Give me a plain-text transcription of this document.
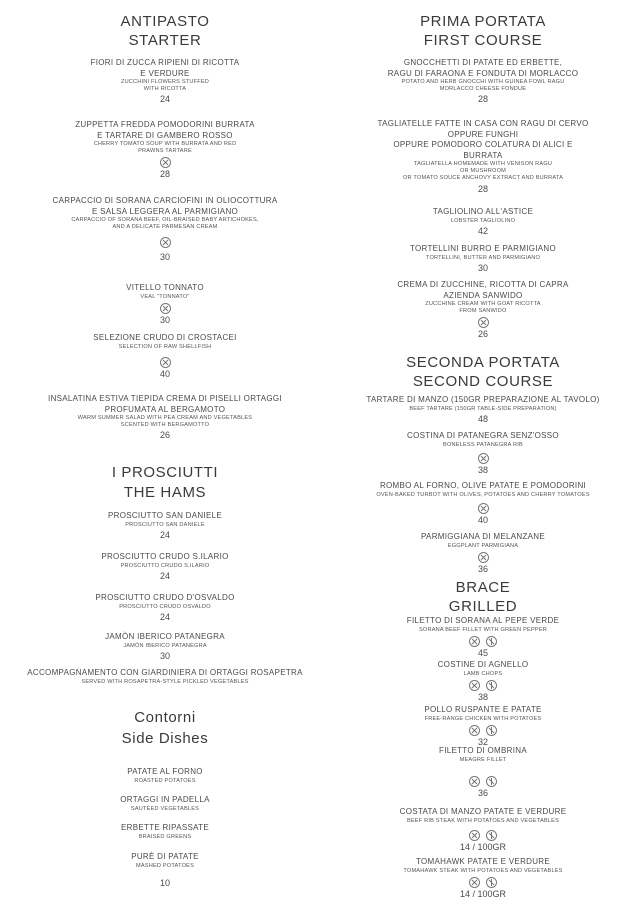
ANTIPASTO
STARTER
FIORI DI ZUCCA RIPIENI DI RICOTTA
E VERDURE
ZUCCHINI FLOWERS STUFFED
WITH RICOTTA
24
ZUPPETTA FREDDA POMODORINI BURRATA
E TARTARE DI GAMBERO ROSSO
CHERRY TOMATO SOUP WITH BURRATA AND RED
PRAWNS TARTARE
28
CARPACCIO DI SORANA CARCIOFINI IN OLIOCOTTURA
E SALSA LEGGERA AL PARMIGIANO
CARPACCIO OF SORANA BEEF, OIL-BRAISED BABY ARTICHOKES,
AND A DELICATE PARMESAN CREAM
30
VITELLO TONNATO
VEAL "TONNATO"
30
SELEZIONE CRUDO DI CROSTACEI
SELECTION OF RAW SHELLFISH
40
INSALATINA ESTIVA TIEPIDA CREMA DI PISELLI ORTAGGI
PROFUMATA AL BERGAMOTO
WARM SUMMER SALAD WITH PEA CREAM AND VEGETABLES
SCENTED WITH BERGAMOTTO
26
I PROSCIUTTI
THE HAMS
PROSCIUTTO SAN DANIELE
PROSCIUTTO SAN DANIELE
24
PROSCIUTTO CRUDO S.ILARIO
PROSCIUTTO CRUDO S.ILARIO
24
PROSCIUTTO CRUDO D'OSVALDO
PROSCIUTTO CRUDO OSVALDO
24
JAMÒN IBERICO PATANEGRA
JAMÒN IBERICO PATANEGRA
30
ACCOMPAGNAMENTO CON GIARDINIERA DI ORTAGGI ROSAPETRA
SERVED WITH ROSAPETRA-STYLE PICKLED VEGETABLES
Contorni
Side Dishes
PATATE AL FORNO
ROASTED POTATOES
ORTAGGI IN PADELLA
SAUTÉED VEGETABLES
ERBETTE RIPASSATE
BRAISED GREENS
PURÈ DI PATATE
MASHED POTATOES
10
PRIMA PORTATA
FIRST COURSE
GNOCCHETTI DI PATATE ED ERBETTE,
RAGU DI FARAONA E FONDUTA DI MORLACCO
POTATO AND HERB GNOCCHI WITH GUINEA FOWL RAGU
MORLACCO CHEESE FONDUE
28
TAGLIATELLE FATTE IN CASA CON RAGU DI CERVO
OPPURE FUNGHI
OPPURE POMODORO COLATURA DI ALICI E
BURRATA
TAGLIATELLA HOMEMADE WITH VENISON RAGU
OR MUSHROOM
OR TOMATO SOUCE ANCHOVY EXTRACT AND BURRATA
28
TAGLIOLINO ALL'ASTICE
LOBSTER TAGLIOLINO
42
TORTELLINI BURRO E PARMIGIANO
TORTELLINI, BUTTER AND PARMIGIANO
30
CREMA DI ZUCCHINE, RICOTTA DI CAPRA
AZIENDA SANWIDO
ZUCCHINE CREAM WITH GOAT RICOTTA
FROM SANWIDO
26
SECONDA PORTATA
SECOND COURSE
TARTARE DI MANZO (150GR PREPARAZIONE AL TAVOLO)
BEEF TARTARE (150GR TABLE-SIDE PREPARATION)
48
COSTINA DI PATANEGRA SENZ'OSSO
BONELESS PATANEGRA RIB
38
ROMBO AL FORNO, OLIVE PATATE E POMODORINI
OVEN-BAKED TURBOT WITH OLIVES, POTATOES AND CHERRY TOMATOES
40
PARMIGGIANA DI MELANZANE
EGGPLANT PARMIGIANA
36
BRACE
GRILLED
FILETTO DI SORANA AL PEPE VERDE
SORANA BEEF FILLET WITH GREEN PEPPER
45
COSTINE DI AGNELLO
LAMB CHOPS
38
POLLO RUSPANTE E PATATE
FREE-RANGE CHICKEN WITH POTATOES
32
FILETTO DI OMBRINA
MEAGRE FILLET
36
COSTATA DI MANZO PATATE E VERDURE
BEEF RIB STEAK WITH POTATOES AND VEGETABLES
14 / 100GR
TOMAHAWK PATATE E VERDURE
TOMAHAWK STEAK WITH POTATOES AND VEGETABLES
14 / 100GR
